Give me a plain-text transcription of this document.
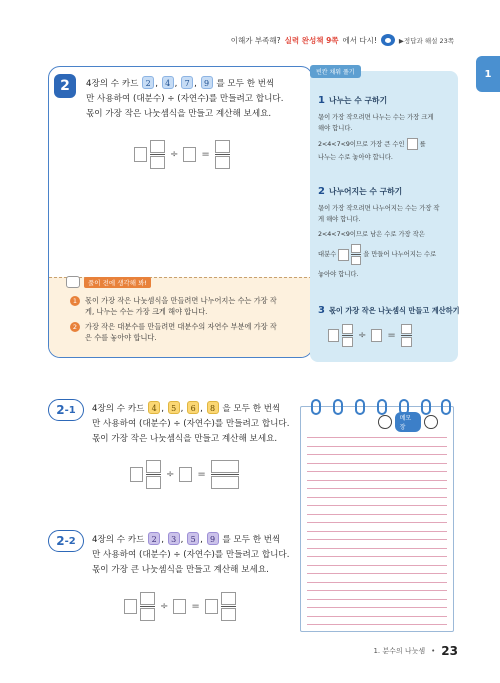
이해가 부족해? 실력 완성책 9쪽 에서 다시!	▶정답과 해설 23쪽
1
2	4장의 수 카드 2 , 4 , 7 , 9 를 모두 한 번씩
만 사용하여 (대분수) ÷ (자연수)를 만들려고 합니다.
몫이 가장 작은 나눗셈식을 만들고 계산해 보세요.
÷ =
풀이 전에 생각해 봐!
1	몫이 가장 작은 나눗셈식을 만들려면 나누어지는 수는 가장 작
게, 나누는 수는 가장 크게 해야 합니다.
2	가장 작은 대분수를 만들려면 대분수의 자연수 부분에 가장 작
은 수를 놓아야 합니다.
빈칸 채워 풀기
1 나누는 수 구하기
몫이 가장 작으려면 나누는 수는 가장 크게
해야 합니다.
2<4<7<9이므로 가장 큰 수인 를
나누는 수로 놓아야 합니다.
2 나누어지는 수 구하기
몫이 가장 작으려면 나누어지는 수는 가장 작
게 해야 합니다.
2<4<7<9이므로 남은 수로 가장 작은
대분수	을 만들어 나누어지는 수로
놓아야 합니다.
3 몫이 가장 작은 나눗셈식 만들고 계산하기
÷ =
2 -1 4장의 수 카드 4 , 5 , 6 , 8 을 모두 한 번씩
만 사용하여 (대분수) ÷ (자연수)를 만들려고 합니다.
몫이 가장 작은 나눗셈식을 만들고 계산해 보세요.
÷ =
2 -2 4장의 수 카드 2 , 3 , 5 , 9 를 모두 한 번씩
만 사용하여 (대분수) ÷ (자연수)를 만들려고 합니다.
몫이 가장 큰 나눗셈식을 만들고 계산해 보세요.
÷ =
메모장
1. 분수의 나눗셈 • 23
